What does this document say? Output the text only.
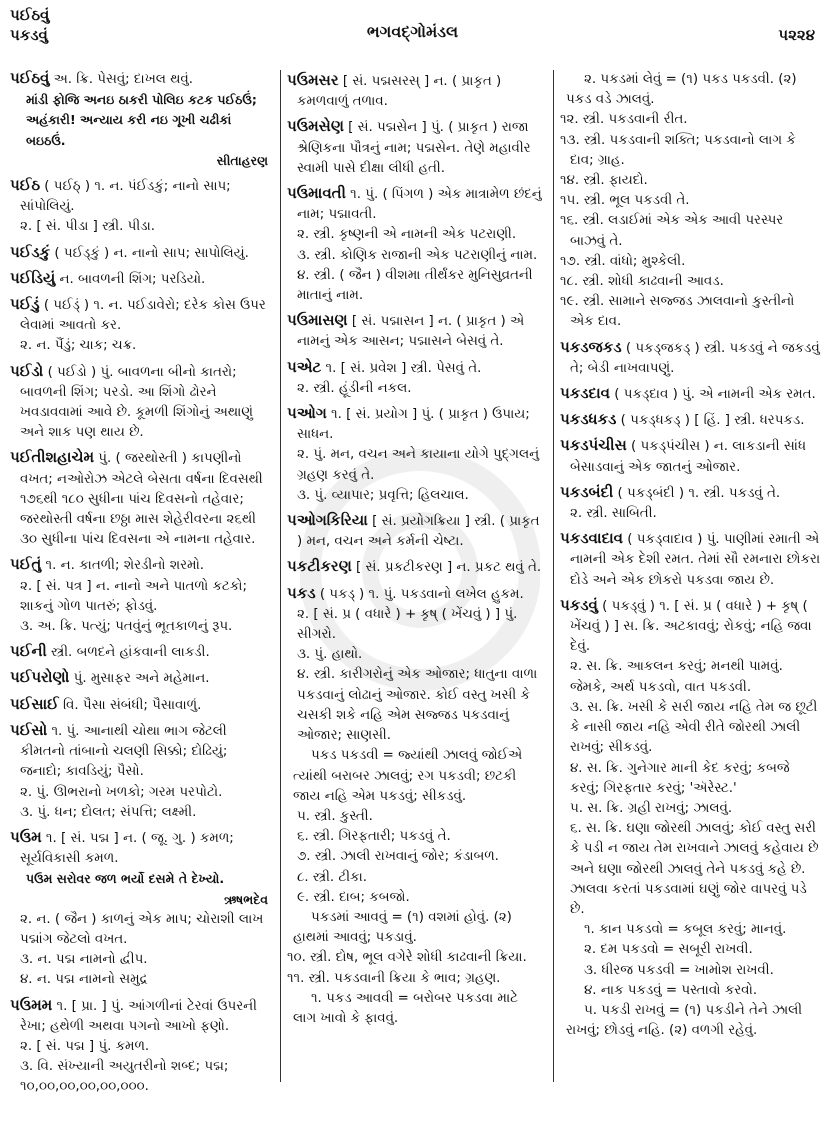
પઈઠવું
પકડવું	ભગવદ્ગોમંડલ	પ૨૨૪

પઈઠવું અ. ક્રિ. પેસવું; દાખલ થવું.

માંડી ફોજિ અનઇ ઠાકરી પોલિઇ કટક પઈઠઉં; અહંકારી! અન્યાય કરી નઇ ગૂખી ચઢીકાં બઇઠઉં.

સીતાહરણ

પઈઠ ( પઈઠ્ ) ૧. ન. પંઈડકું; નાનો સાપ; સાંપોલિયું.

૨. [ સં. પીડા ] સ્ત્રી. પીડા.

પઈડકું ( પઈડ્કું ) ન. નાનો સાપ; સાપોલિયું.

પઈડિયું ન. બાવળની શિંગ; પરડિયો.

પઈડું ( પઈડ્ં ) ૧. ન. પઈડાવેરો; દરેક કોસ ઉપર લેવામાં આવતો કર.

૨. ન. પૈંડું; ચાક; ચક્ર.

પઈડો ( પઈડો ) પું. બાવળના બીનો કાતરો; બાવળની શિંગ; પરડો. આ શિંગો ઢોરને ખવડાવવામાં આવે છે. કૂમળી શિંગોનું અથાણું અને શાક પણ થાય છે.

પઈતીશહાચેમ પું. ( જરથોસ્તી ) કાપણીનો વખત; નઓરોઝ એટલે બેસતા વર્ષના દિવસથી ૧૭૬થી ૧૮૦ સુધીના પાંચ દિવસનો તહેવાર; જરથોસ્તી વર્ષના છઠ્ઠા માસ શેહેરીવરના ૨૬થી ૩૦ સુધીના પાંચ દિવસના એ નામના તહેવાર.

પઈતું ૧. ન. કાતળી; શેરડીનો શરમો.

૨. [ સં. પત્ર ] ન. નાનો અને પાતળો કટકો; શાકનું ગોળ પાતરું; ફોડવું.

૩. અ. ક્રિ. પત્યું; પતવુંનું ભૂતકાળનું રૂપ.

પઈની સ્ત્રી. બળદને હાંકવાની લાકડી.

પઈપરોણો પું. મુસાફર અને મહેમાન.

પઈસાઈ વિ. પૈસા સંબંધી; પૈસાવાળું.

પઈસો ૧. પું. આનાથી ચોથા ભાગ જેટલી કીમતનો તાંબાનો ચલણી સિક્કો; દોઢિયું; જનાદો; કાવડિયું; પૈસો.

૨. પું. ઊભરાનો ખળકો; ગરમ પરપોટો.

૩. પું. ધન; દોલત; સંપત્તિ; લક્ષ્મી.

પઉમ ૧. [ સં. પદ્મ ] ન. ( જૂ. ગુ. ) કમળ; સૂર્યવિકાસી કમળ.

પઉમ સરોવર જળ ભર્યો દસમે તે દેખ્યો.

ઋષભદેવ

૨. ન. ( જૈન ) કાળનું એક માપ; ચોરાશી લાખ પદ્માંગ જેટલો વખત.

૩. ન. પદ્મ નામનો દ્વીપ.

૪. ન. પદ્મ નામનો સમુદ્ર

પઉમમ ૧. [ પ્રા. ] પું. આંગળીનાં ટેરવાં ઉપરની રેખા; હથેળી અથવા પગનો આખો ફણો.

૨. [ સં. પદ્મ ] પું. કમળ.

૩. વિ. સંખ્યાની અયુતરીનો શબ્દ; પદ્મ; ૧૦,૦૦,૦૦,૦૦,૦૦,૦૦૦.

પઉમસર [ સં. પદ્મસરસ્ ] ન. ( પ્રાકૃત ) કમળવાળું તળાવ.

પઉમસેણ [ સં. પદ્મસેન ] પું. ( પ્રાકૃત ) રાજા શ્રેણિકના પૌત્રનું નામ; પદ્મસેન. તેણે મહાવીર સ્વામી પાસે દીક્ષા લીધી હતી.

પઉમાવતી ૧. પું. ( પિંગળ ) એક માત્રામેળ છંદનું નામ; પદ્માવતી.

૨. સ્ત્રી. કૃષ્ણની એ નામની એક પટરાણી.

૩. સ્ત્રી. કોણિક રાજાની એક પટરાણીનું નામ.

૪. સ્ત્રી. ( જૈન ) વીશમા તીર્થંકર મુનિસુવ્રતની માતાનું નામ.

પઉમાસણ [ સં. પદ્માસન ] ન. ( પ્રાકૃત ) એ નામનું એક આસન; પદ્માસને બેસવું તે.

પએટ ૧. [ સં. પ્રવેશ ] સ્ત્રી. પેસવું તે.

૨. સ્ત્રી. હૂંડીની નકલ.

પઓગ ૧. [ સં. પ્રયોગ ] પું. ( પ્રાકૃત ) ઉપાય; સાધન.

૨. પું. મન, વચન અને કાયાના યોગે પુદ્ગલનું ગ્રહણ કરવું તે.

૩. પું. વ્યાપાર; પ્રવૃત્તિ; હિલચાલ.

પઓગકિરિયા [ સં. પ્રયોગક્રિયા ] સ્ત્રી. ( પ્રાકૃત ) મન, વચન અને કર્મની ચેષ્ટા.

પકટીકરણ [ સં. પ્રકટીકરણ ] ન. પ્રકટ થવું તે.

પકડ ( પકડ્ ) ૧. પું. પકડવાનો લખેલ હુકમ.

૨. [ સં. પ્ર ( વધારે ) + કૃષ્ ( ખેંચવું ) ] પું. સીગરો.

૩. પું. હાથો.

૪. સ્ત્રી. કારીગરોનું એક ઓજાર; ધાતુના વાળા પકડવાનું લોઢાનું ઓજાર. કોઈ વસ્તુ ખસી કે ચસકી શકે નહિ એમ સજ્જડ પકડવાનું ઓજાર; સાણસી.

પકડ પકડવી = જ્યાંથી ઝાલવું જોઈએ ત્યાંથી બરાબર ઝાલવું; રગ પકડવી; છટકી જાય નહિ એમ પકડવું; સીકડવું.

૫. સ્ત્રી. કુસ્તી.

૬. સ્ત્રી. ગિરફતારી; પકડવું તે.

૭. સ્ત્રી. ઝાલી રાખવાનું જોર; કંડાબળ.

૮. સ્ત્રી. ટીકા.

૯. સ્ત્રી. દાબ; કબજો.

પકડમાં આવવું = (૧) વશમાં હોવું. (૨) હાથમાં આવવું; પકડાવું.

૧૦. સ્ત્રી. દોષ, ભૂલ વગેરે શોધી કાઢવાની ક્રિયા.

૧૧. સ્ત્રી. પકડવાની ક્રિયા કે ભાવ; ગ્રહણ.

૧. પકડ આવવી = બરોબર પકડવા માટે લાગ ખાવો કે ફાવવું.

૨. પકડમાં લેવું = (૧) પકડ પકડવી. (૨) પકડ વડે ઝાલવું.

૧૨. સ્ત્રી. પકડવાની રીત.

૧૩. સ્ત્રી. પકડવાની શક્તિ; પકડવાનો લાગ કે દાવ; ગ્રાહ.

૧૪. સ્ત્રી. ફાયદો.

૧૫. સ્ત્રી. ભૂલ પકડવી તે.

૧૬. સ્ત્રી. લડાઈમાં એક એક આવી પરસ્પર બાઝવું તે.

૧૭. સ્ત્રી. વાંધો; મુશ્કેલી.

૧૮. સ્ત્રી. શોધી કાઢવાની આવડ.

૧૯. સ્ત્રી. સામાને સજ્જડ ઝાલવાનો કુસ્તીનો એક દાવ.

પકડજકડ ( પકડ્જકડ્ ) સ્ત્રી. પકડવું ને જકડવું તે; બેડી નાખવાપણું.

પકડદાવ ( પકડ્દાવ ) પું. એ નામની એક રમત.

પકડધકડ ( પકડ્ધકડ્ ) [ હિં. ] સ્ત્રી. ધરપકડ.

પકડપંચીસ ( પકડ્પંચીસ ) ન. લાકડાની સાંધ બેસાડવાનું એક જાતનું ઓજાર.

પકડબંદી ( પકડ્બંદી ) ૧. સ્ત્રી. પકડવું તે.

૨. સ્ત્રી. સાબિતી.

પકડવાદાવ ( પકડ્વાદાવ ) પું. પાણીમાં રમાતી એ નામની એક દેશી રમત. તેમાં સૌ રમનારા છોકરા દોડે અને એક છોકરો પકડવા જાય છે.

પકડવું ( પકડ્વું ) ૧. [ સં. પ્ર ( વધારે ) + કૃષ્ ( ખેંચવું ) ] સ. ક્રિ. અટકાવવું; રોકવું; નહિ જવા દેવું.

૨. સ. ક્રિ. આકલન કરવું; મનથી પામવું. જેમકે, અર્થ પકડવો, વાત પકડવી.

૩. સ. ક્રિ. ખસી કે સરી જાય નહિ તેમ જ છૂટી કે નાસી જાય નહિ એવી રીતે જોરથી ઝાલી રાખવું; સીકડવું.

૪. સ. ક્રિ. ગુનેગાર માની કેદ કરવું; કબજે કરવું; ગિરફતાર કરવું; 'ઍરેસ્ટ.'

૫. સ. ક્રિ. ગ્રહી રાખવું; ઝાલવું.

૬. સ. ક્રિ. ઘણા જોરથી ઝાલવું; કોઈ વસ્તુ સરી કે પડી ન જાય તેમ રાખવાને ઝાલવું કહેવાય છે અને ઘણા જોરથી ઝાલવું તેને પકડવું કહે છે. ઝાલવા કરતાં પકડવામાં ઘણું જોર વાપરવું પડે છે.

૧. કાન પકડવો = કબૂલ કરવું; માનવું.

૨. દમ પકડવો = સબૂરી રાખવી.

૩. ધીરજ પકડવી = ખામોશ રાખવી.

૪. નાક પકડવું = પસ્તાવો કરવો.

૫. પકડી રાખવું = (૧) પકડીને તેને ઝાલી રાખવું; છોડવું નહિ. (૨) વળગી રહેવું.
